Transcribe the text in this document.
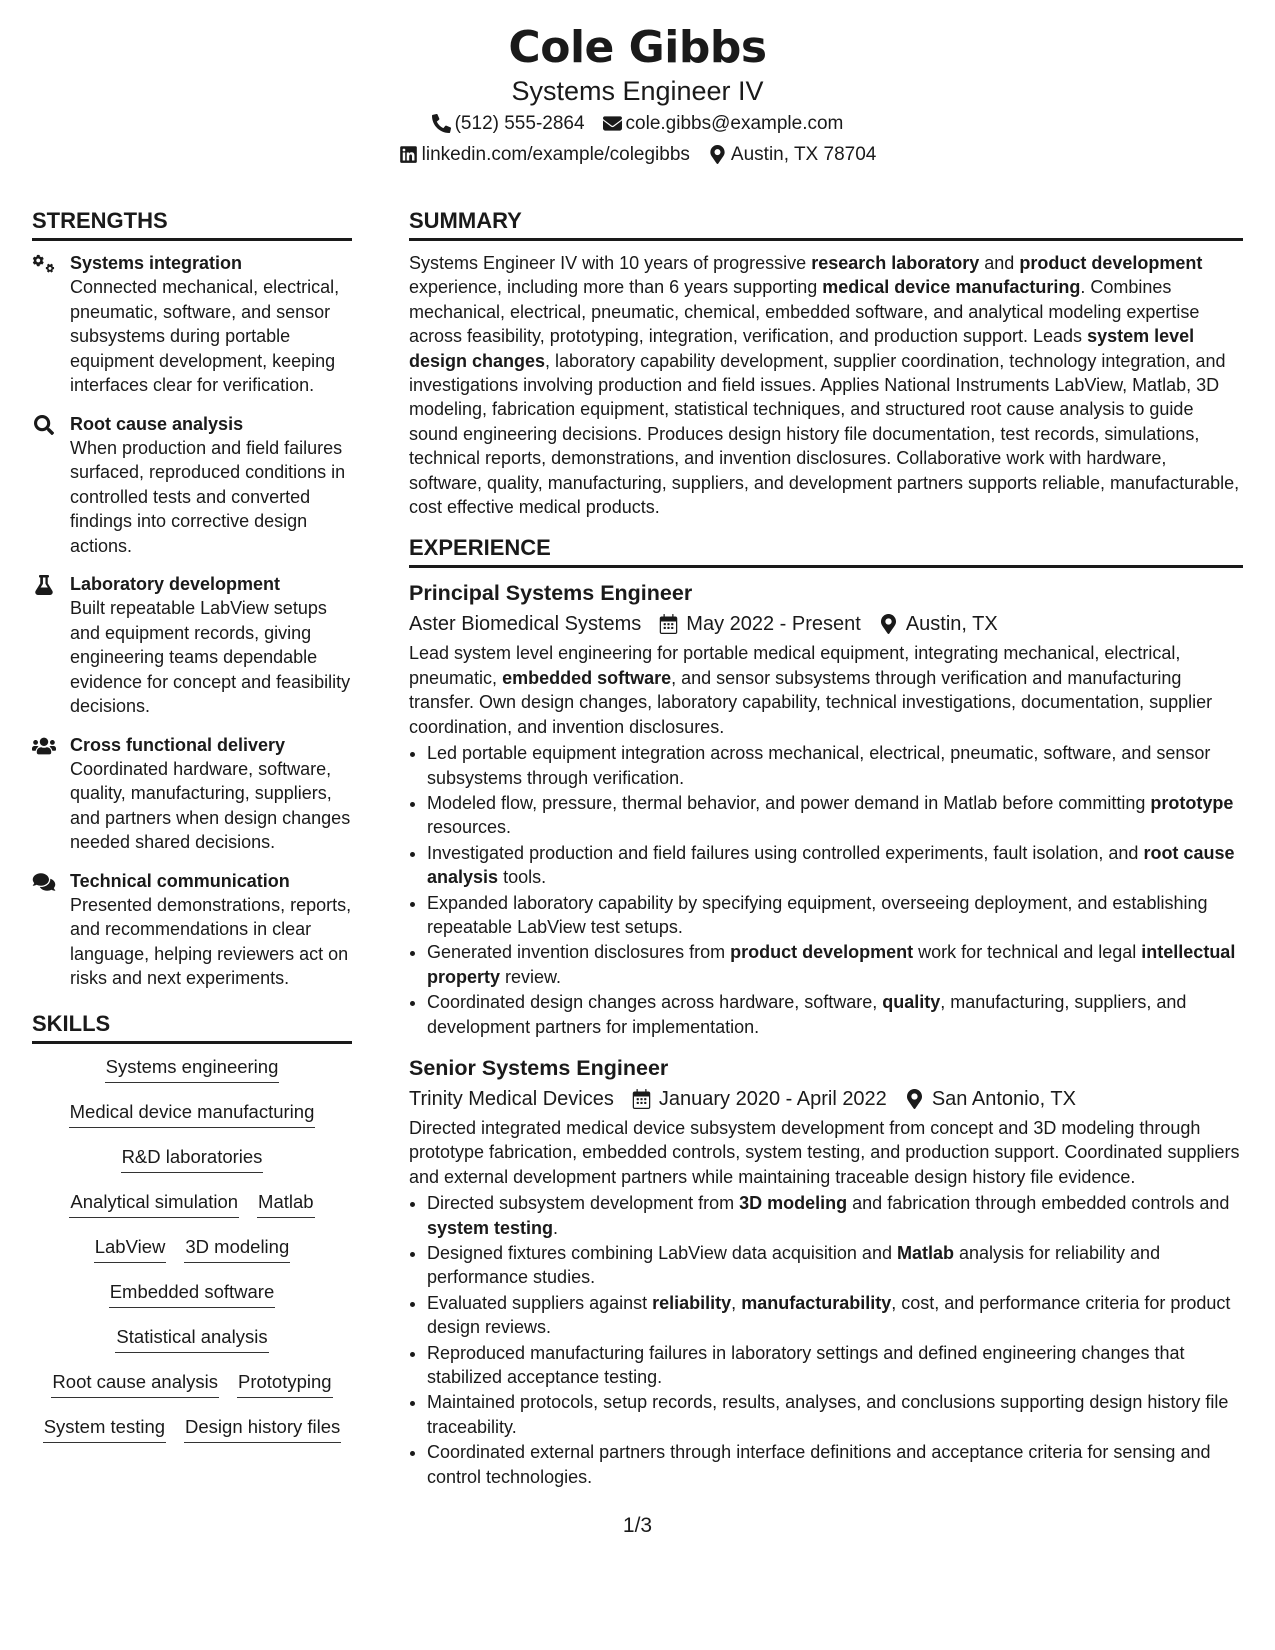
Cole Gibbs
Systems Engineer IV
(512) 555-2864 cole.gibbs@example.com
linkedin.com/example/colegibbs Austin, TX 78704
STRENGTHS
Systems integration
Connected mechanical, electrical, pneumatic, software, and sensor subsystems during portable equipment development, keeping interfaces clear for verification.
Root cause analysis
When production and field failures surfaced, reproduced conditions in controlled tests and converted findings into corrective design actions.
Laboratory development
Built repeatable LabView setups and equipment records, giving engineering teams dependable evidence for concept and feasibility decisions.
Cross functional delivery
Coordinated hardware, software, quality, manufacturing, suppliers, and partners when design changes needed shared decisions.
Technical communication
Presented demonstrations, reports, and recommendations in clear language, helping reviewers act on risks and next experiments.
SKILLS
Systems engineering
Medical device manufacturing
R&D laboratories
Analytical simulation Matlab
LabView 3D modeling
Embedded software
Statistical analysis
Root cause analysis Prototyping
System testing Design history files
SUMMARY
Systems Engineer IV with 10 years of progressive research laboratory and product development experience, including more than 6 years supporting medical device manufacturing. Combines mechanical, electrical, pneumatic, chemical, embedded software, and analytical modeling expertise across feasibility, prototyping, integration, verification, and production support. Leads system level design changes, laboratory capability development, supplier coordination, technology integration, and investigations involving production and field issues. Applies National Instruments LabView, Matlab, 3D modeling, fabrication equipment, statistical techniques, and structured root cause analysis to guide sound engineering decisions. Produces design history file documentation, test records, simulations, technical reports, demonstrations, and invention disclosures. Collaborative work with hardware, software, quality, manufacturing, suppliers, and development partners supports reliable, manufacturable, cost effective medical products.
EXPERIENCE
Principal Systems Engineer
Aster Biomedical Systems May 2022 - Present Austin, TX
Lead system level engineering for portable medical equipment, integrating mechanical, electrical, pneumatic, embedded software, and sensor subsystems through verification and manufacturing transfer. Own design changes, laboratory capability, technical investigations, documentation, supplier coordination, and invention disclosures.
• Led portable equipment integration across mechanical, electrical, pneumatic, software, and sensor subsystems through verification.
• Modeled flow, pressure, thermal behavior, and power demand in Matlab before committing prototype resources.
• Investigated production and field failures using controlled experiments, fault isolation, and root cause analysis tools.
• Expanded laboratory capability by specifying equipment, overseeing deployment, and establishing repeatable LabView test setups.
• Generated invention disclosures from product development work for technical and legal intellectual property review.
• Coordinated design changes across hardware, software, quality, manufacturing, suppliers, and development partners for implementation.
Senior Systems Engineer
Trinity Medical Devices January 2020 - April 2022 San Antonio, TX
Directed integrated medical device subsystem development from concept and 3D modeling through prototype fabrication, embedded controls, system testing, and production support. Coordinated suppliers and external development partners while maintaining traceable design history file evidence.
• Directed subsystem development from 3D modeling and fabrication through embedded controls and system testing.
• Designed fixtures combining LabView data acquisition and Matlab analysis for reliability and performance studies.
• Evaluated suppliers against reliability, manufacturability, cost, and performance criteria for product design reviews.
• Reproduced manufacturing failures in laboratory settings and defined engineering changes that stabilized acceptance testing.
• Maintained protocols, setup records, results, analyses, and conclusions supporting design history file traceability.
• Coordinated external partners through interface definitions and acceptance criteria for sensing and control technologies.
1/3
